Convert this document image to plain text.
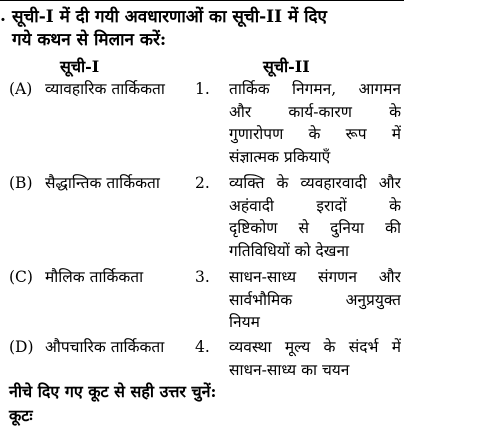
. सूची-I में दी गयी अवधारणाओं का सूची-II में दिए
गये कथन से मिलान करें:
सूची-I	सूची-II
(A) व्यावहारिक तार्किकता 1. तार्किक निगमन, आगमन
और कार्य-कारण के
गुणारोपण के रूप में
संज्ञात्मक प्रकियाएँ
(B) सैद्धान्तिक तार्किकता 2. व्यक्ति के व्यवहारवादी और
अहंवादी इरादों के
दृष्टिकोण से दुनिया की
गतिविधियों को देखना
(C) मौलिक तार्किकता	3. साधन-साध्य संगणन और
सार्वभौमिक अनुप्रयुक्त
नियम
(D) औपचारिक तार्किकता 4. व्यवस्था मूल्य के संदर्भ में
साधन-साध्य का चयन
नीचे दिए गए कूट से सही उत्तर चुनें:
कूटः
